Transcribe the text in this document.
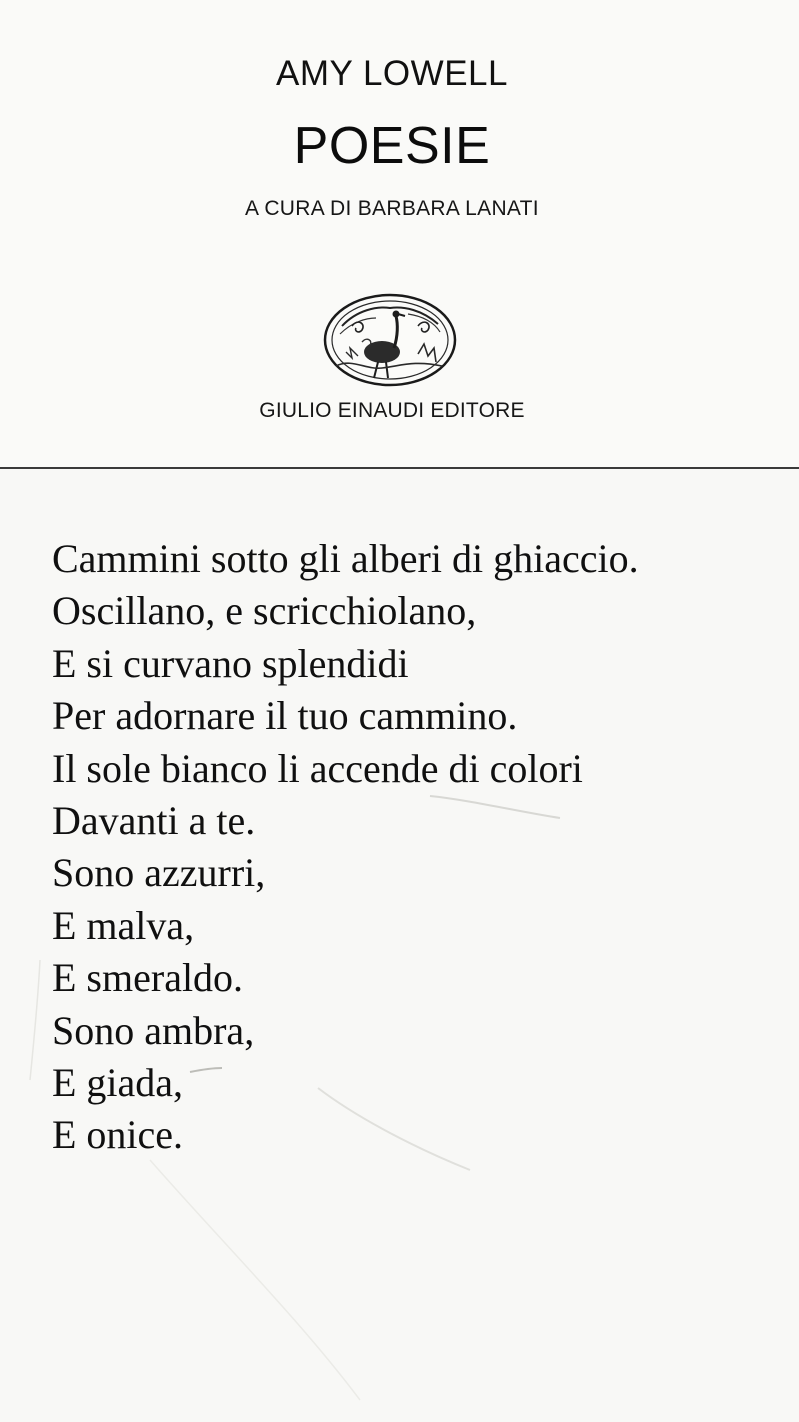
AMY LOWELL
POESIE
A CURA DI BARBARA LANATI
GIULIO EINAUDI EDITORE
Cammini sotto gli alberi di ghiaccio.
Oscillano, e scricchiolano,
E si curvano splendidi
Per adornare il tuo cammino.
Il sole bianco li accende di colori
Davanti a te.
Sono azzurri,
E malva,
E smeraldo.
Sono ambra,
E giada,
E onice.
